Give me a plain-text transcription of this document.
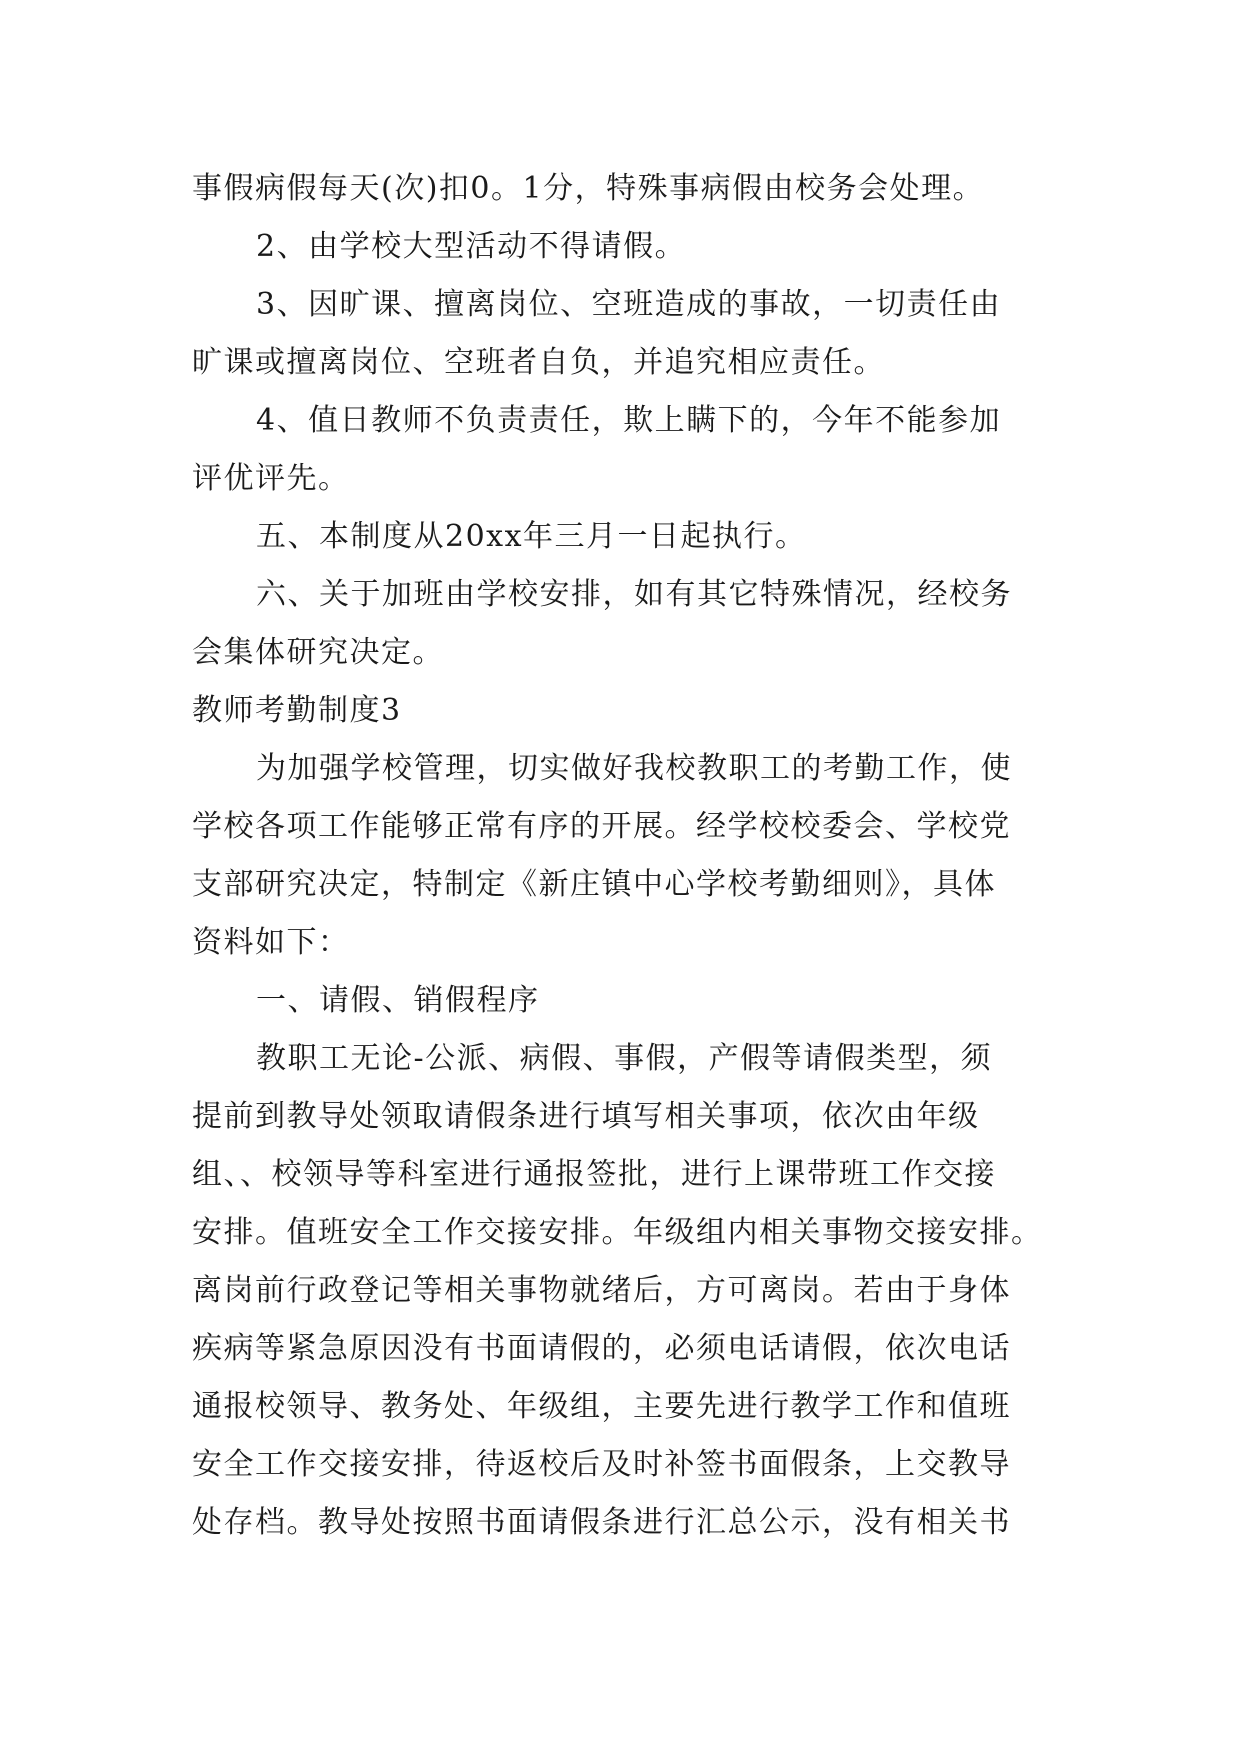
事假病假每天(次)扣0。1分，特殊事病假由校务会处理。
2、由学校大型活动不得请假。
3、因旷课、擅离岗位、空班造成的事故，一切责任由
旷课或擅离岗位、空班者自负，并追究相应责任。
4、值日教师不负责责任，欺上瞒下的，今年不能参加
评优评先。
五、本制度从20xx年三月一日起执行。
六、关于加班由学校安排，如有其它特殊情况，经校务
会集体研究决定。
教师考勤制度3
为加强学校管理，切实做好我校教职工的考勤工作，使
学校各项工作能够正常有序的开展。经学校校委会、学校党
支部研究决定，特制定《新庄镇中心学校考勤细则》，具体
资料如下：
一、请假、销假程序
教职工无论-公派、病假、事假，产假等请假类型，须
提前到教导处领取请假条进行填写相关事项，依次由年级
组、、校领导等科室进行通报签批，进行上课带班工作交接
安排。值班安全工作交接安排。年级组内相关事物交接安排。
离岗前行政登记等相关事物就绪后，方可离岗。若由于身体
疾病等紧急原因没有书面请假的，必须电话请假，依次电话
通报校领导、教务处、年级组，主要先进行教学工作和值班
安全工作交接安排，待返校后及时补签书面假条，上交教导
处存档。教导处按照书面请假条进行汇总公示，没有相关书
